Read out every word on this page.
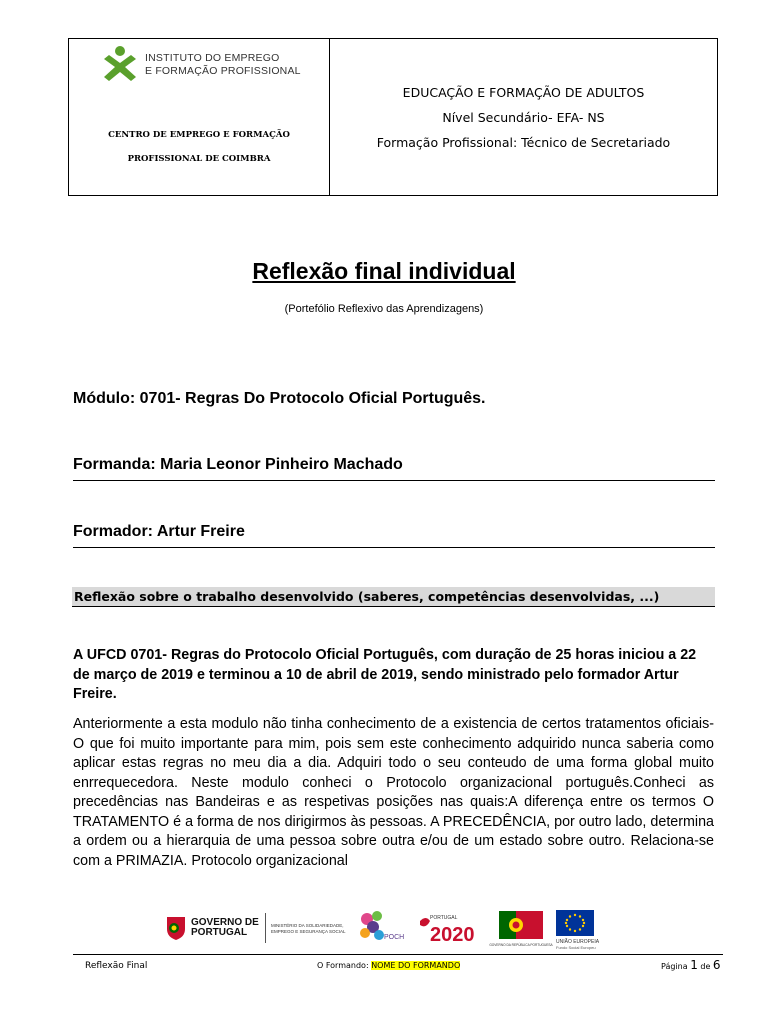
INSTITUTO DO EMPREGO
E FORMAÇÃO PROFISSIONAL
CENTRO DE EMPREGO E FORMAÇÃO
PROFISSIONAL DE COIMBRA
EDUCAÇÃO E FORMAÇÃO DE ADULTOS
Nível Secundário- EFA- NS
Formação Profissional: Técnico de Secretariado
Reflexão final individual
(Portefólio Reflexivo das Aprendizagens)
Módulo: 0701- Regras Do Protocolo Oficial Português.
Formanda: Maria Leonor Pinheiro Machado
Formador: Artur Freire
Reflexão sobre o trabalho desenvolvido (saberes, competências desenvolvidas, ...)
A UFCD 0701- Regras do Protocolo Oficial Português, com duração de 25 horas iniciou a 22 de março de 2019 e terminou a 10 de abril de 2019, sendo ministrado pelo formador Artur Freire.
Anteriormente a esta modulo não tinha conhecimento de a existencia de certos tratamentos oficiais- O que foi muito importante para mim, pois sem este conhecimento adquirido nunca saberia como aplicar estas regras no meu dia a dia. Adquiri todo o seu conteudo de uma forma global muito enrrequecedora. Neste modulo conheci o Protocolo organizacional português.Conheci as precedências nas Bandeiras e as respetivas posições nas quais:A diferença entre os termos O TRATAMENTO é a forma de nos dirigirmos às pessoas. A PRECEDÊNCIA, por outro lado, determina a ordem ou a hierarquia de uma pessoa sobre outra e/ou de um estado sobre outro. Relaciona-se com a PRIMAZIA. Protocolo organizacional
GOVERNO DE
PORTUGAL
MINISTÉRIO DA SOLIDARIEDADE, EMPREGO E SEGURANÇA SOCIAL
POCH
PORTUGAL
2020	GOVERNO DA REPÚBLICA PORTUGUESA UNIÃO EUROPEIA
Fundo Social Europeu
Reflexão Final	O Formando: NOME DO FORMANDO	Página 1 de 6
